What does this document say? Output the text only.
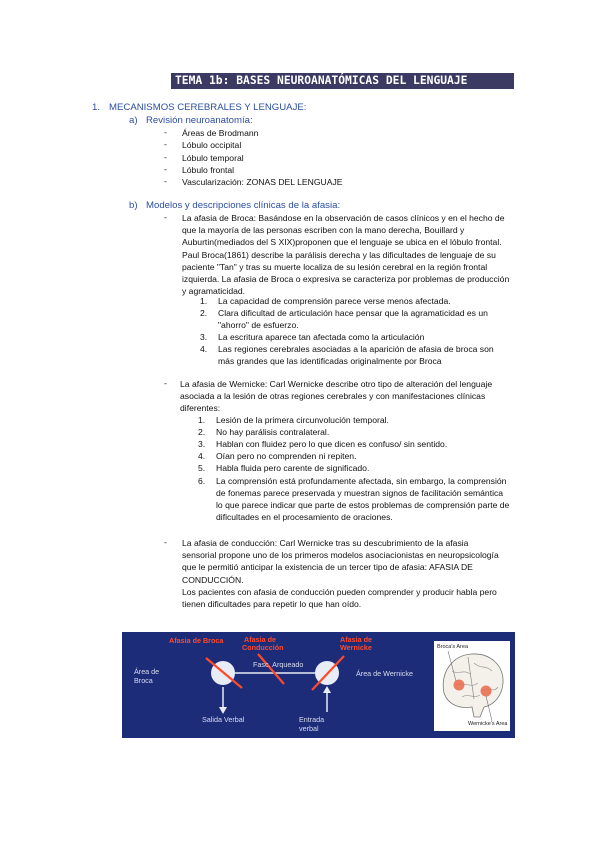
TEMA 1b: BASES NEUROANATÓMICAS DEL LENGUAJE
1. MECANISMOS CEREBRALES Y LENGUAJE:
a) Revisión neuroanatomía:
- Áreas de Brodmann
- Lóbulo occipital
- Lóbulo temporal
- Lóbulo frontal
- Vascularización: ZONAS DEL LENGUAJE
b) Modelos y descripciones clínicas de la afasia:
- La afasia de Broca: Basándose en la observación de casos clínicos y en el hecho de
que la mayoría de las personas escriben con la mano derecha, Bouillard y
Auburtin(mediados del S XIX)proponen que el lenguaje se ubica en el lóbulo frontal.
Paul Broca(1861) describe la parálisis derecha y las dificultades de lenguaje de su
paciente "Tan" y tras su muerte localiza de su lesión cerebral en la región frontal
izquierda. La afasia de Broca o expresiva se caracteriza por problemas de producción
y agramaticidad.
1. La capacidad de comprensión parece verse menos afectada.
2. Clara dificultad de articulación hace pensar que la agramaticidad es un
"ahorro" de esfuerzo.
3. La escritura aparece tan afectada como la articulación
4. Las regiones cerebrales asociadas a la aparición de afasia de broca son
más grandes que las identificadas originalmente por Broca
- La afasia de Wernicke: Carl Wernicke describe otro tipo de alteración del lenguaje
asociada a la lesión de otras regiones cerebrales y con manifestaciones clínicas
diferentes:
1. Lesión de la primera circunvolución temporal.
2. No hay parálisis contralateral.
3. Hablan con fluidez pero lo que dicen es confuso/ sin sentido.
4. Oían pero no comprenden ni repiten.
5. Habla fluida pero carente de significado.
6. La comprensión está profundamente afectada, sin embargo, la comprensión
de fonemas parece preservada y muestran signos de facilitación semántica
lo que parece indicar que parte de estos problemas de comprensión parte de
dificultades en el procesamiento de oraciones.
- La afasia de conducción: Carl Wernicke tras su descubrimiento de la afasia
sensorial propone uno de los primeros modelos asociacionistas en neuropsicología
que le permitió anticipar la existencia de un tercer tipo de afasia: AFASIA DE
CONDUCCIÓN.
Los pacientes con afasia de conducción pueden comprender y producir habla pero
tienen dificultades para repetir lo que han oído.
Afasia de Broca	Afasia de
Conducción
Afasia de
Wernicke
Área de
Broca
Fasc. Arqueado
Área de Wernicke
Salida Verbal	Entrada
verbal
Broca's Area
Wernicke's Area
